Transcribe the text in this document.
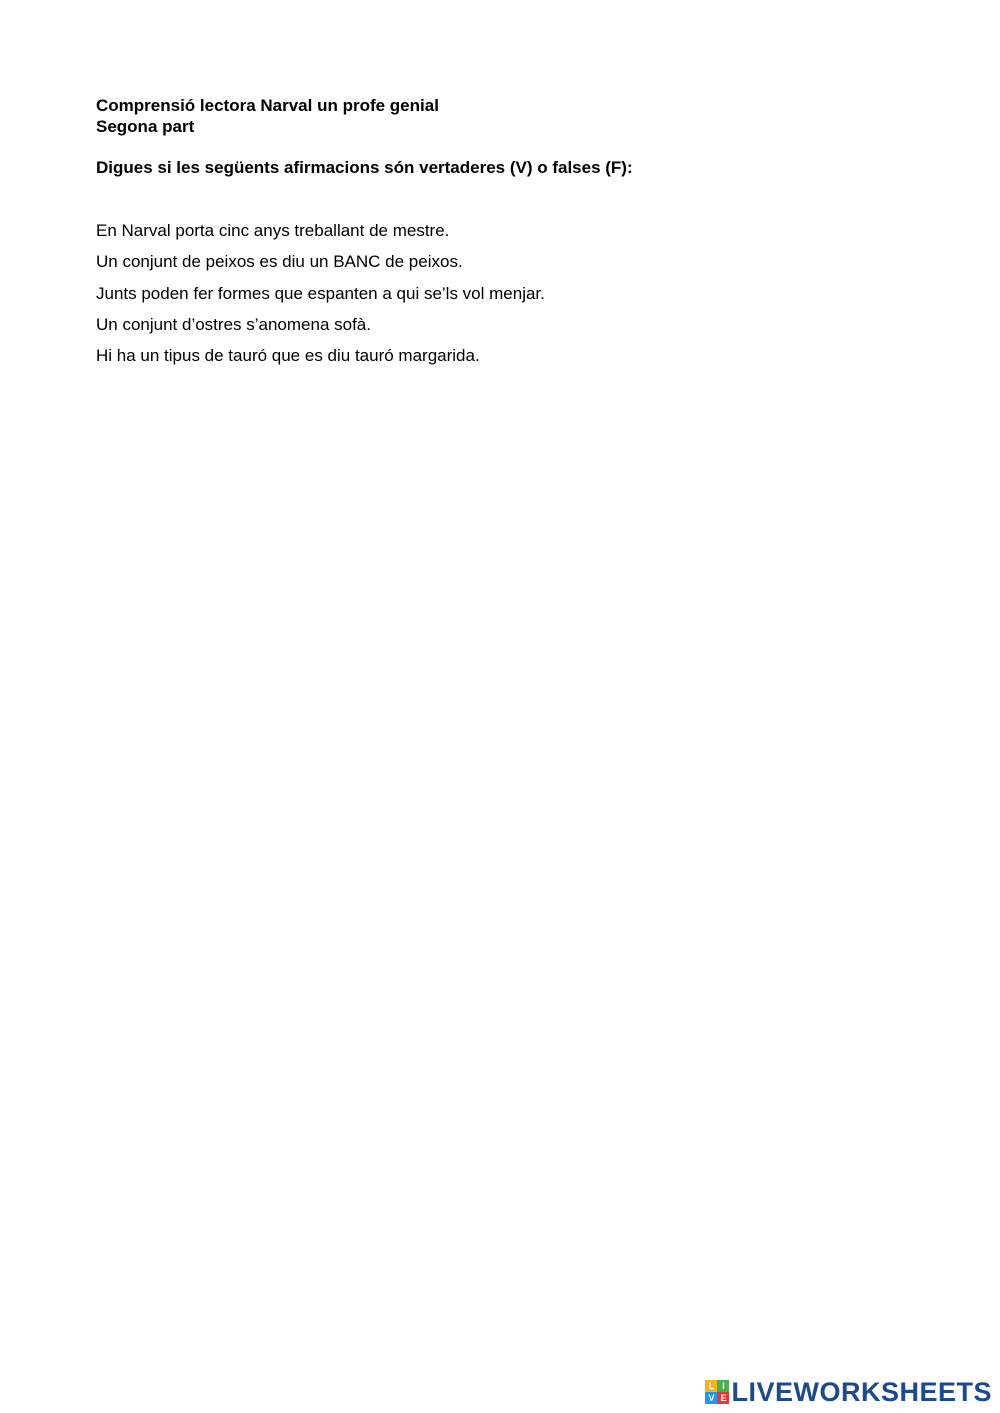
Comprensió lectora Narval un profe genial
Segona part

Digues si les següents afirmacions són vertaderes (V) o falses (F):

En Narval porta cinc anys treballant de mestre.
Un conjunt de peixos es diu un BANC de peixos.
Junts poden fer formes que espanten a qui se’ls vol menjar.
Un conjunt d’ostres s’anomena sofà.
Hi ha un tipus de tauró que es diu tauró margarida.
L I
V E LIVEWORKSHEETS
